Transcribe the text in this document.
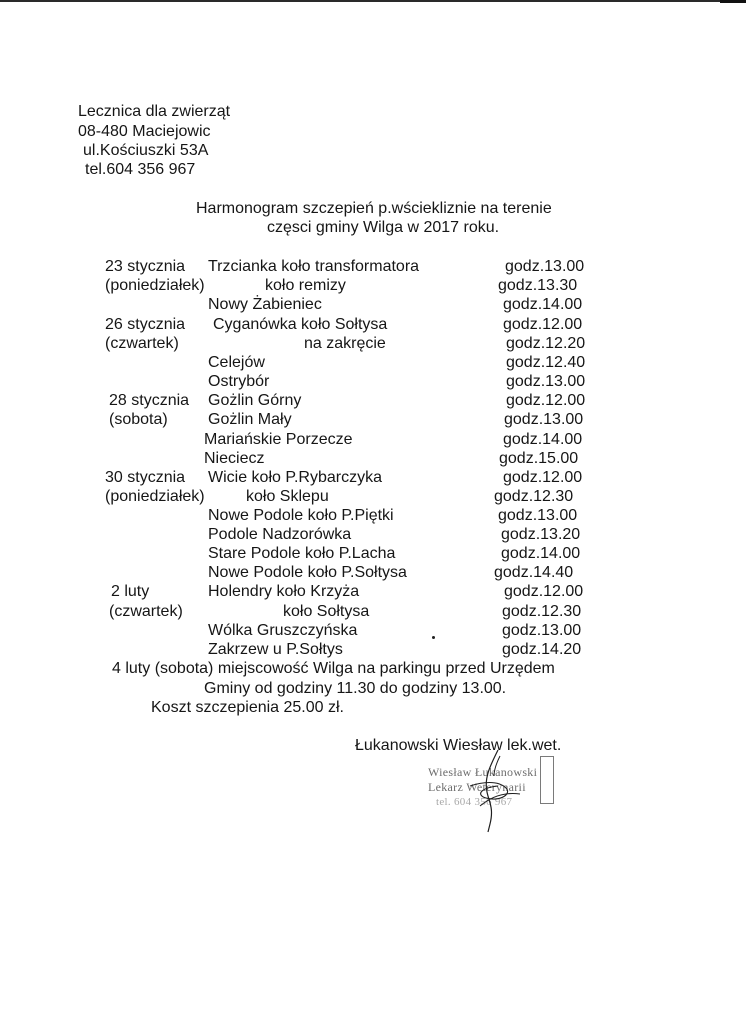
Lecznica dla zwierząt
08-480 Maciejowic
ul.Kościuszki 53A
tel.604 356 967
Harmonogram szczepień p.wściekliznie na terenie
częsci gminy Wilga w 2017 roku.
23 stycznia Trzcianka koło transformatora	godz.13.00
(poniedziałek)	koło remizy	godz.13.30
Nowy Żabieniec	godz.14.00
26 stycznia Cyganówka koło Sołtysa	godz.12.00
(czwartek)	na zakręcie	godz.12.20
Celejów	godz.12.40
Ostrybór	godz.13.00
28 stycznia Gożlin Górny	godz.12.00
(sobota)	Gożlin Mały	godz.13.00
Mariańskie Porzecze	godz.14.00
Nieciecz	godz.15.00
30 stycznia Wicie koło P.Rybarczyka	godz.12.00
(poniedziałek)	koło Sklepu	godz.12.30
Nowe Podole koło P.Piętki	godz.13.00
Podole Nadzorówka	godz.13.20
Stare Podole koło P.Lacha	godz.14.00
Nowe Podole koło P.Sołtysa	godz.14.40
2 luty	Holendry koło Krzyża	godz.12.00
(czwartek)	koło Sołtysa	godz.12.30
Wólka Gruszczyńska	godz.13.00
Zakrzew u P.Sołtys	godz.14.20
4 luty (sobota) miejscowość Wilga na parkingu przed Urzędem
Gminy od godziny 11.30 do godziny 13.00.
Koszt szczepienia 25.00 zł.
Łukanowski Wiesław lek.wet.
Wiesław Łukanowski
Lekarz Weterynarii
tel. 604 356 967
